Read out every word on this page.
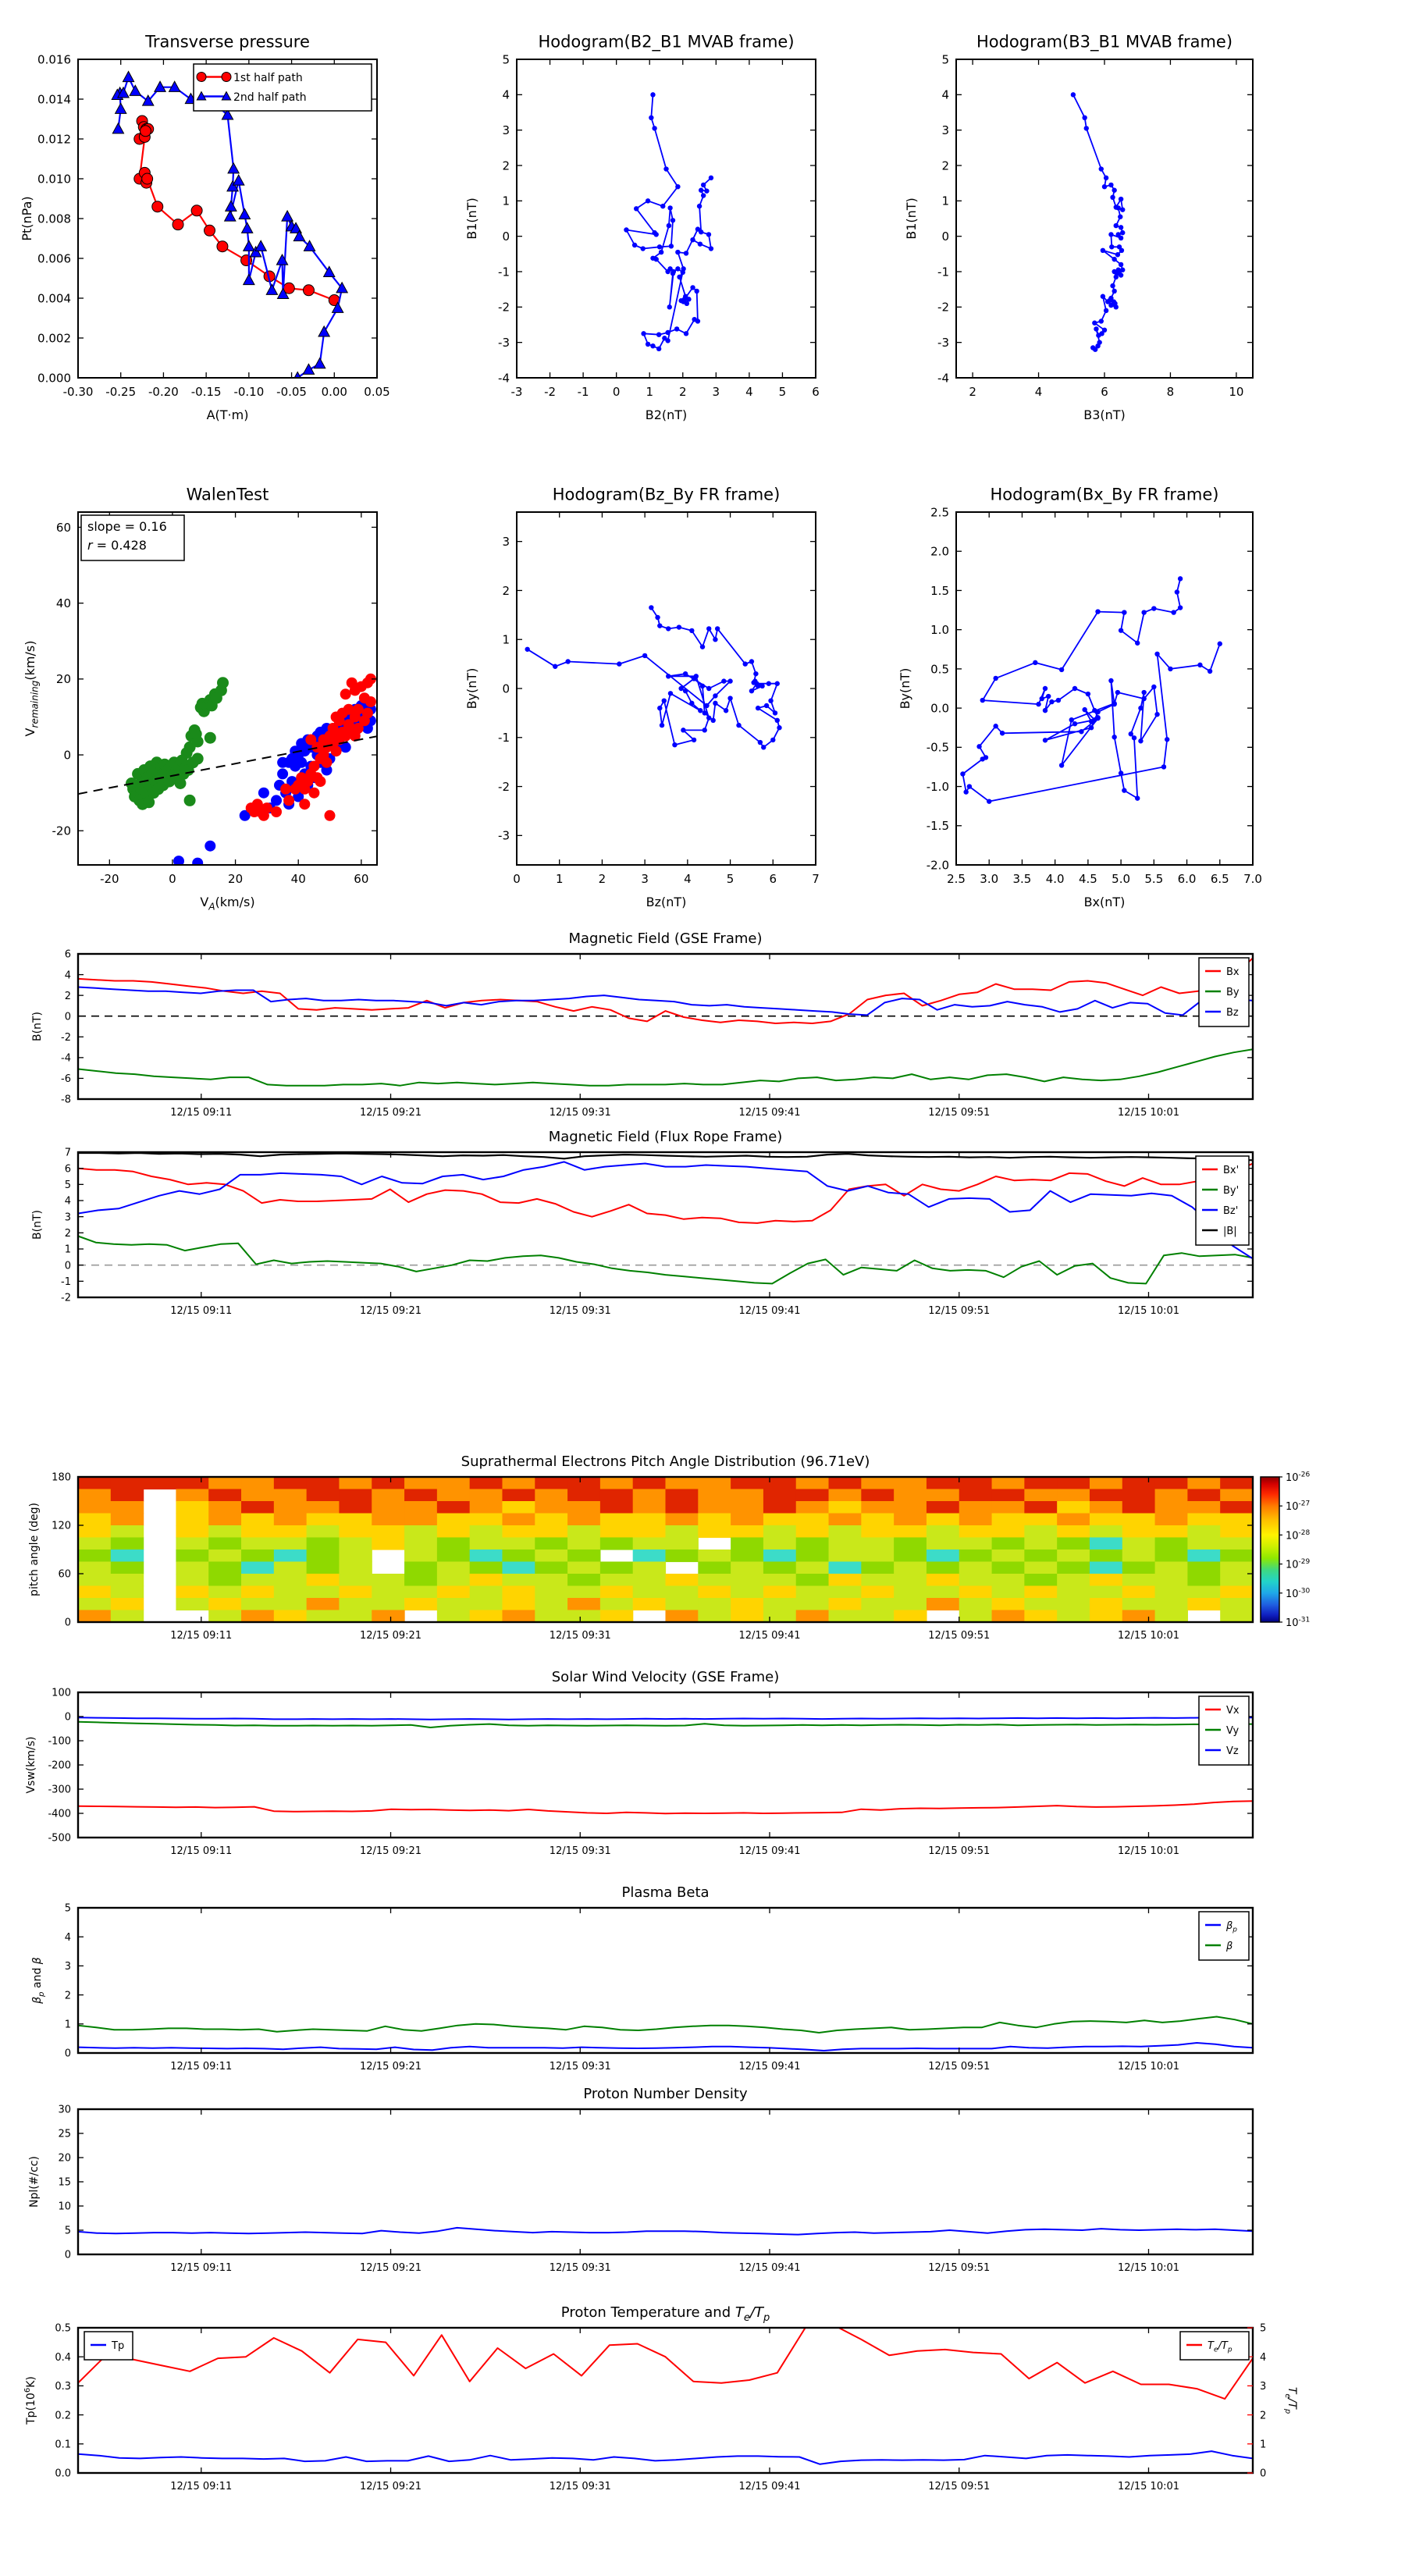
Transverse pressure
-0.30 -0.25 -0.20 -0.15 -0.10 -0.05 0.00 0.05
0.000
0.002
0.004
0.006
0.008
0.010
0.012
0.014
0.016
A(T·m)
Pt(nPa)
1st half path
2nd half path
Hodogram(B2_B1 MVAB frame)
-3 -2 -1 0 1 2 3 4 5 6
-4
-3
-2
-1
0
1
2
3
4
5
B2(nT)
B1(nT)
Hodogram(B3_B1 MVAB frame)
2	4	6	8	10
-4
-3
-2
-1
0
1
2
3
4
5
B3(nT)
B1(nT)
WalenTest
-20	0	20	40	60
-20
0
20
40
60
$V_A(km/s)$
$V_{remaining}(km/s)$
slope = 0.16
r = 0.428
Hodogram(Bz_By FR frame)
0	1	2	3	4	5	6	7
-3
-2
-1
0
1
2
3
Bz(nT)
By(nT)
Hodogram(Bx_By FR frame)
2.5 3.0 3.5 4.0 4.5 5.0 5.5 6.0 6.5 7.0
-2.0
-1.5
-1.0
-0.5
0.0
0.5
1.0
1.5
2.0
2.5
Bx(nT)
By(nT)
Magnetic Field (GSE Frame)
12/15 09:11	12/15 09:21	12/15 09:31	12/15 09:41	12/15 09:51	12/15 10:01
-8
-6
-4
-2
0
2
4
6
B(nT)
Bx
By
Bz
Magnetic Field (Flux Rope Frame)
12/15 09:11	12/15 09:21	12/15 09:31	12/15 09:41	12/15 09:51	12/15 10:01
-2
-1
0
1
2
3
4
5
6
7
B(nT)
Bx'
By'
Bz'
|B|
Suprathermal Electrons Pitch Angle Distribution (96.71eV)
12/15 09:11	12/15 09:21	12/15 09:31	12/15 09:41	12/15 09:51	12/15 10:01
0
60
120
180
pitch angle (deg)
$10^{-26}$
$10^{-27}$
$10^{-28}$
$10^{-29}$
$10^{-30}$
$10^{-31}$
Solar Wind Velocity (GSE Frame)
12/15 09:11	12/15 09:21	12/15 09:31	12/15 09:41	12/15 09:51	12/15 10:01
-500
-400
-300
-200
-100
0
100
Vsw(km/s)
Vx
Vy
Vz
Plasma Beta
12/15 09:11	12/15 09:21	12/15 09:31	12/15 09:41	12/15 09:51	12/15 10:01
0
1
2
3
4
5
$\beta_p$ and β
$\beta_p$
β
Proton Number Density
12/15 09:11	12/15 09:21	12/15 09:31	12/15 09:41	12/15 09:51	12/15 10:01
0
5
10
15
20
25
30
Npl(#/cc)
Proton Temperature and $T_e/T_p$
12/15 09:11	12/15 09:21	12/15 09:31	12/15 09:41	12/15 09:51	12/15 10:01
0.0
0.1
0.2
0.3
0.4
0.5
0
1
2
3
4
5
$T_e/T_p$
$Tp(10^6K)$
Tp	$T_e/T_p$
